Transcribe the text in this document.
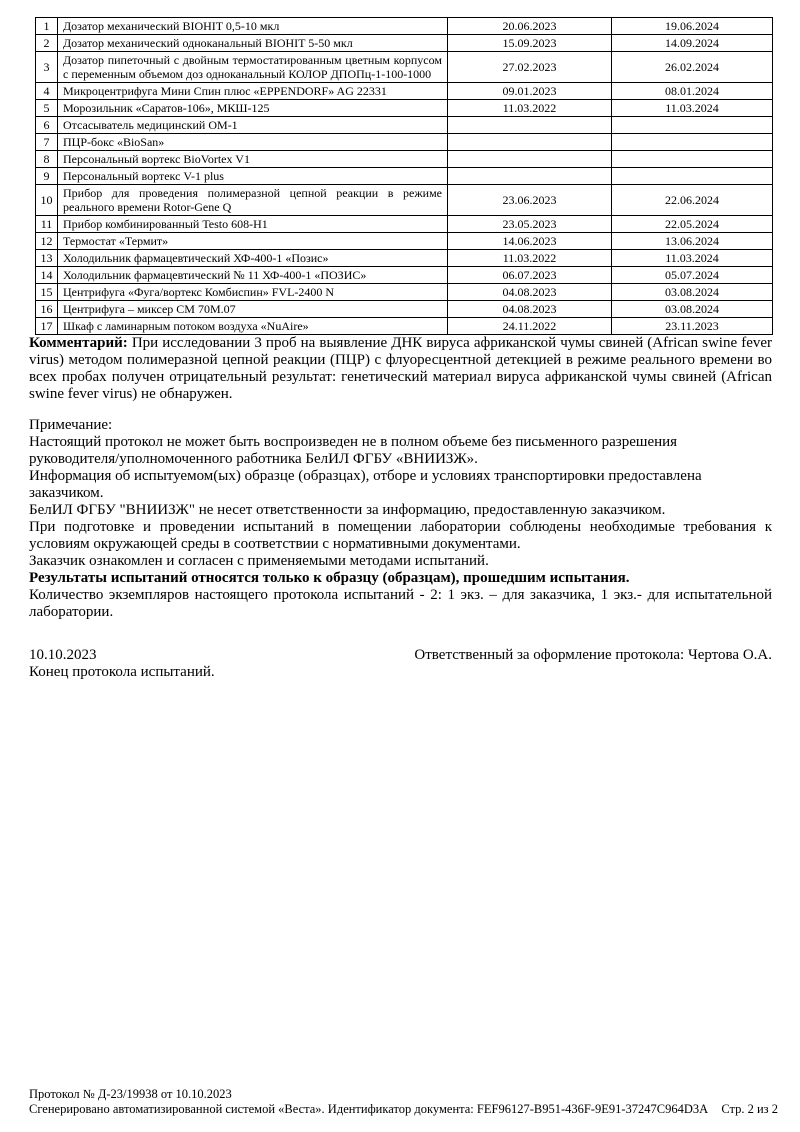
1	Дозатор механический BIOHIT 0,5-10 мкл	20.06.2023	19.06.2024
2	Дозатор механический одноканальный BIOHIT 5-50 мкл	15.09.2023	14.09.2024
3	Дозатор пипеточный с двойным термостатированным цветным корпусом с переменным объемом доз одноканальный КОЛОР ДПОПц-1-100-1000	27.02.2023	26.02.2024
4	Микроцентрифуга Мини Спин плюс «EPPENDORF» AG 22331	09.01.2023	08.01.2024
5	Морозильник «Саратов-106», МКШ-125	11.03.2022	11.03.2024
6	Отсасыватель медицинский ОМ-1		
7	ПЦР-бокс «BioSan»		
8	Персональный вортекс BioVortex V1		
9	Персональный вортекс V-1 plus		
10	Прибор для проведения полимеразной цепной реакции в режиме реального времени Rotor-Gene Q	23.06.2023	22.06.2024
11	Прибор комбинированный Testo 608-H1	23.05.2023	22.05.2024
12	Термостат «Термит»	14.06.2023	13.06.2024
13	Холодильник фармацевтический ХФ-400-1 «Позис»	11.03.2022	11.03.2024
14	Холодильник фармацевтический № 11 ХФ-400-1 «ПОЗИС»	06.07.2023	05.07.2024
15	Центрифуга «Фуга/вортекс Комбиспин» FVL-2400 N	04.08.2023	03.08.2024
16	Центрифуга – миксер СМ 70М.07	04.08.2023	03.08.2024
17	Шкаф с ламинарным потоком воздуха «NuAire»	24.11.2022	23.11.2023

Комментарий: При исследовании 3 проб на выявление ДНК вируса африканской чумы свиней (African swine fever virus) методом полимеразной цепной реакции (ПЦР) с флуоресцентной детекцией в режиме реального времени во всех пробах получен отрицательный результат: генетический материал вируса африканской чумы свиней (African swine fever virus) не обнаружен.

Примечание:

Настоящий протокол не может быть воспроизведен не в полном объеме без письменного разрешения

руководителя/уполномоченного работника БелИЛ ФГБУ «ВНИИЗЖ».

Информация об испытуемом(ых) образце (образцах), отборе и условиях транспортировки предоставлена заказчиком.

БелИЛ ФГБУ "ВНИИЗЖ" не несет ответственности за информацию, предоставленную заказчиком.

При подготовке и проведении испытаний в помещении лаборатории соблюдены необходимые требования к условиям окружающей среды в соответствии с нормативными документами.

Заказчик ознакомлен и согласен с применяемыми методами испытаний.

Результаты испытаний относятся только к образцу (образцам), прошедшим испытания.

Количество экземпляров настоящего протокола испытаний - 2: 1 экз. – для заказчика, 1 экз.- для испытательной лаборатории.

10.10.2023	Ответственный за оформление протокола: Чертова О.А.

Конец протокола испытаний.

Протокол № Д-23/19938 от 10.10.2023
Сгенерировано автоматизированной системой «Веста». Идентификатор документа: FEF96127-B951-436F-9E91-37247C964D3A Стр. 2 из 2
